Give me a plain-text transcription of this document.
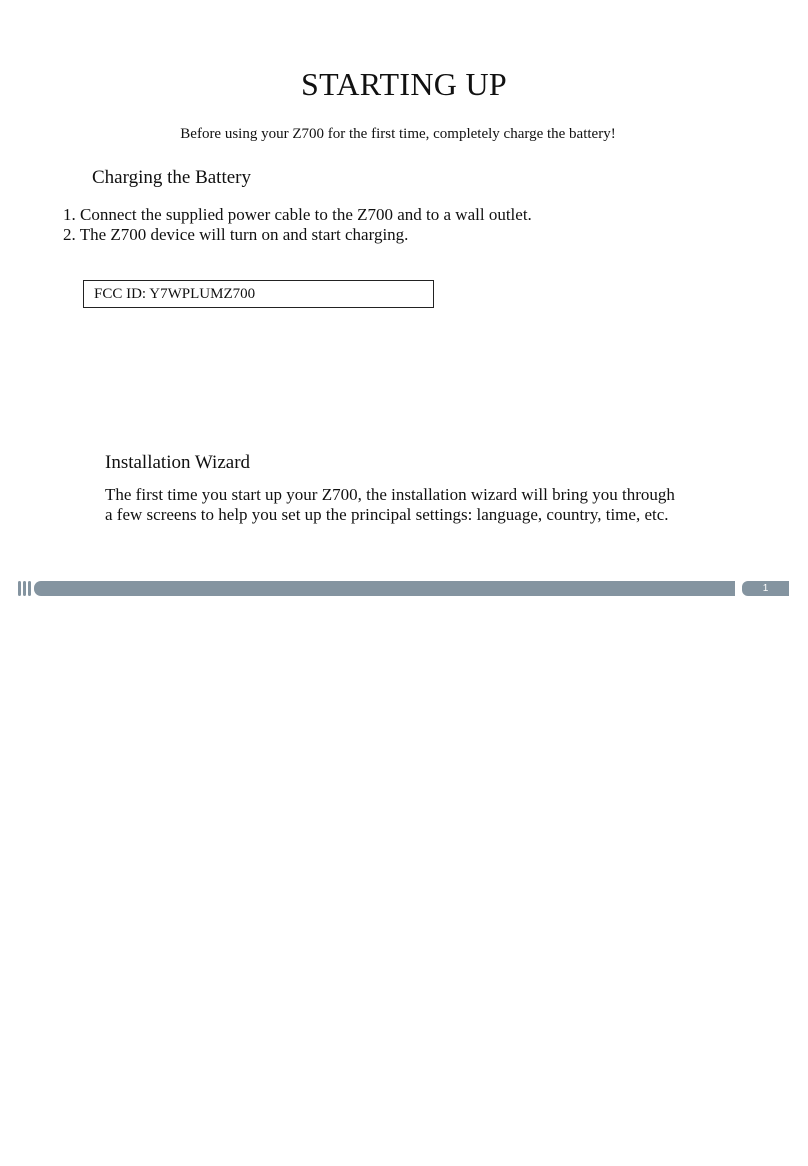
STARTING UP
Before using your Z700 for the first time, completely charge the battery!
Charging the Battery
1. Connect the supplied power cable to the Z700 and to a wall outlet.
2. The Z700 device will turn on and start charging.
FCC ID: Y7WPLUMZ700
Installation Wizard

The first time you start up your Z700, the installation wizard will bring you through a few screens to help you set up the principal settings: language, country, time, etc.

1
